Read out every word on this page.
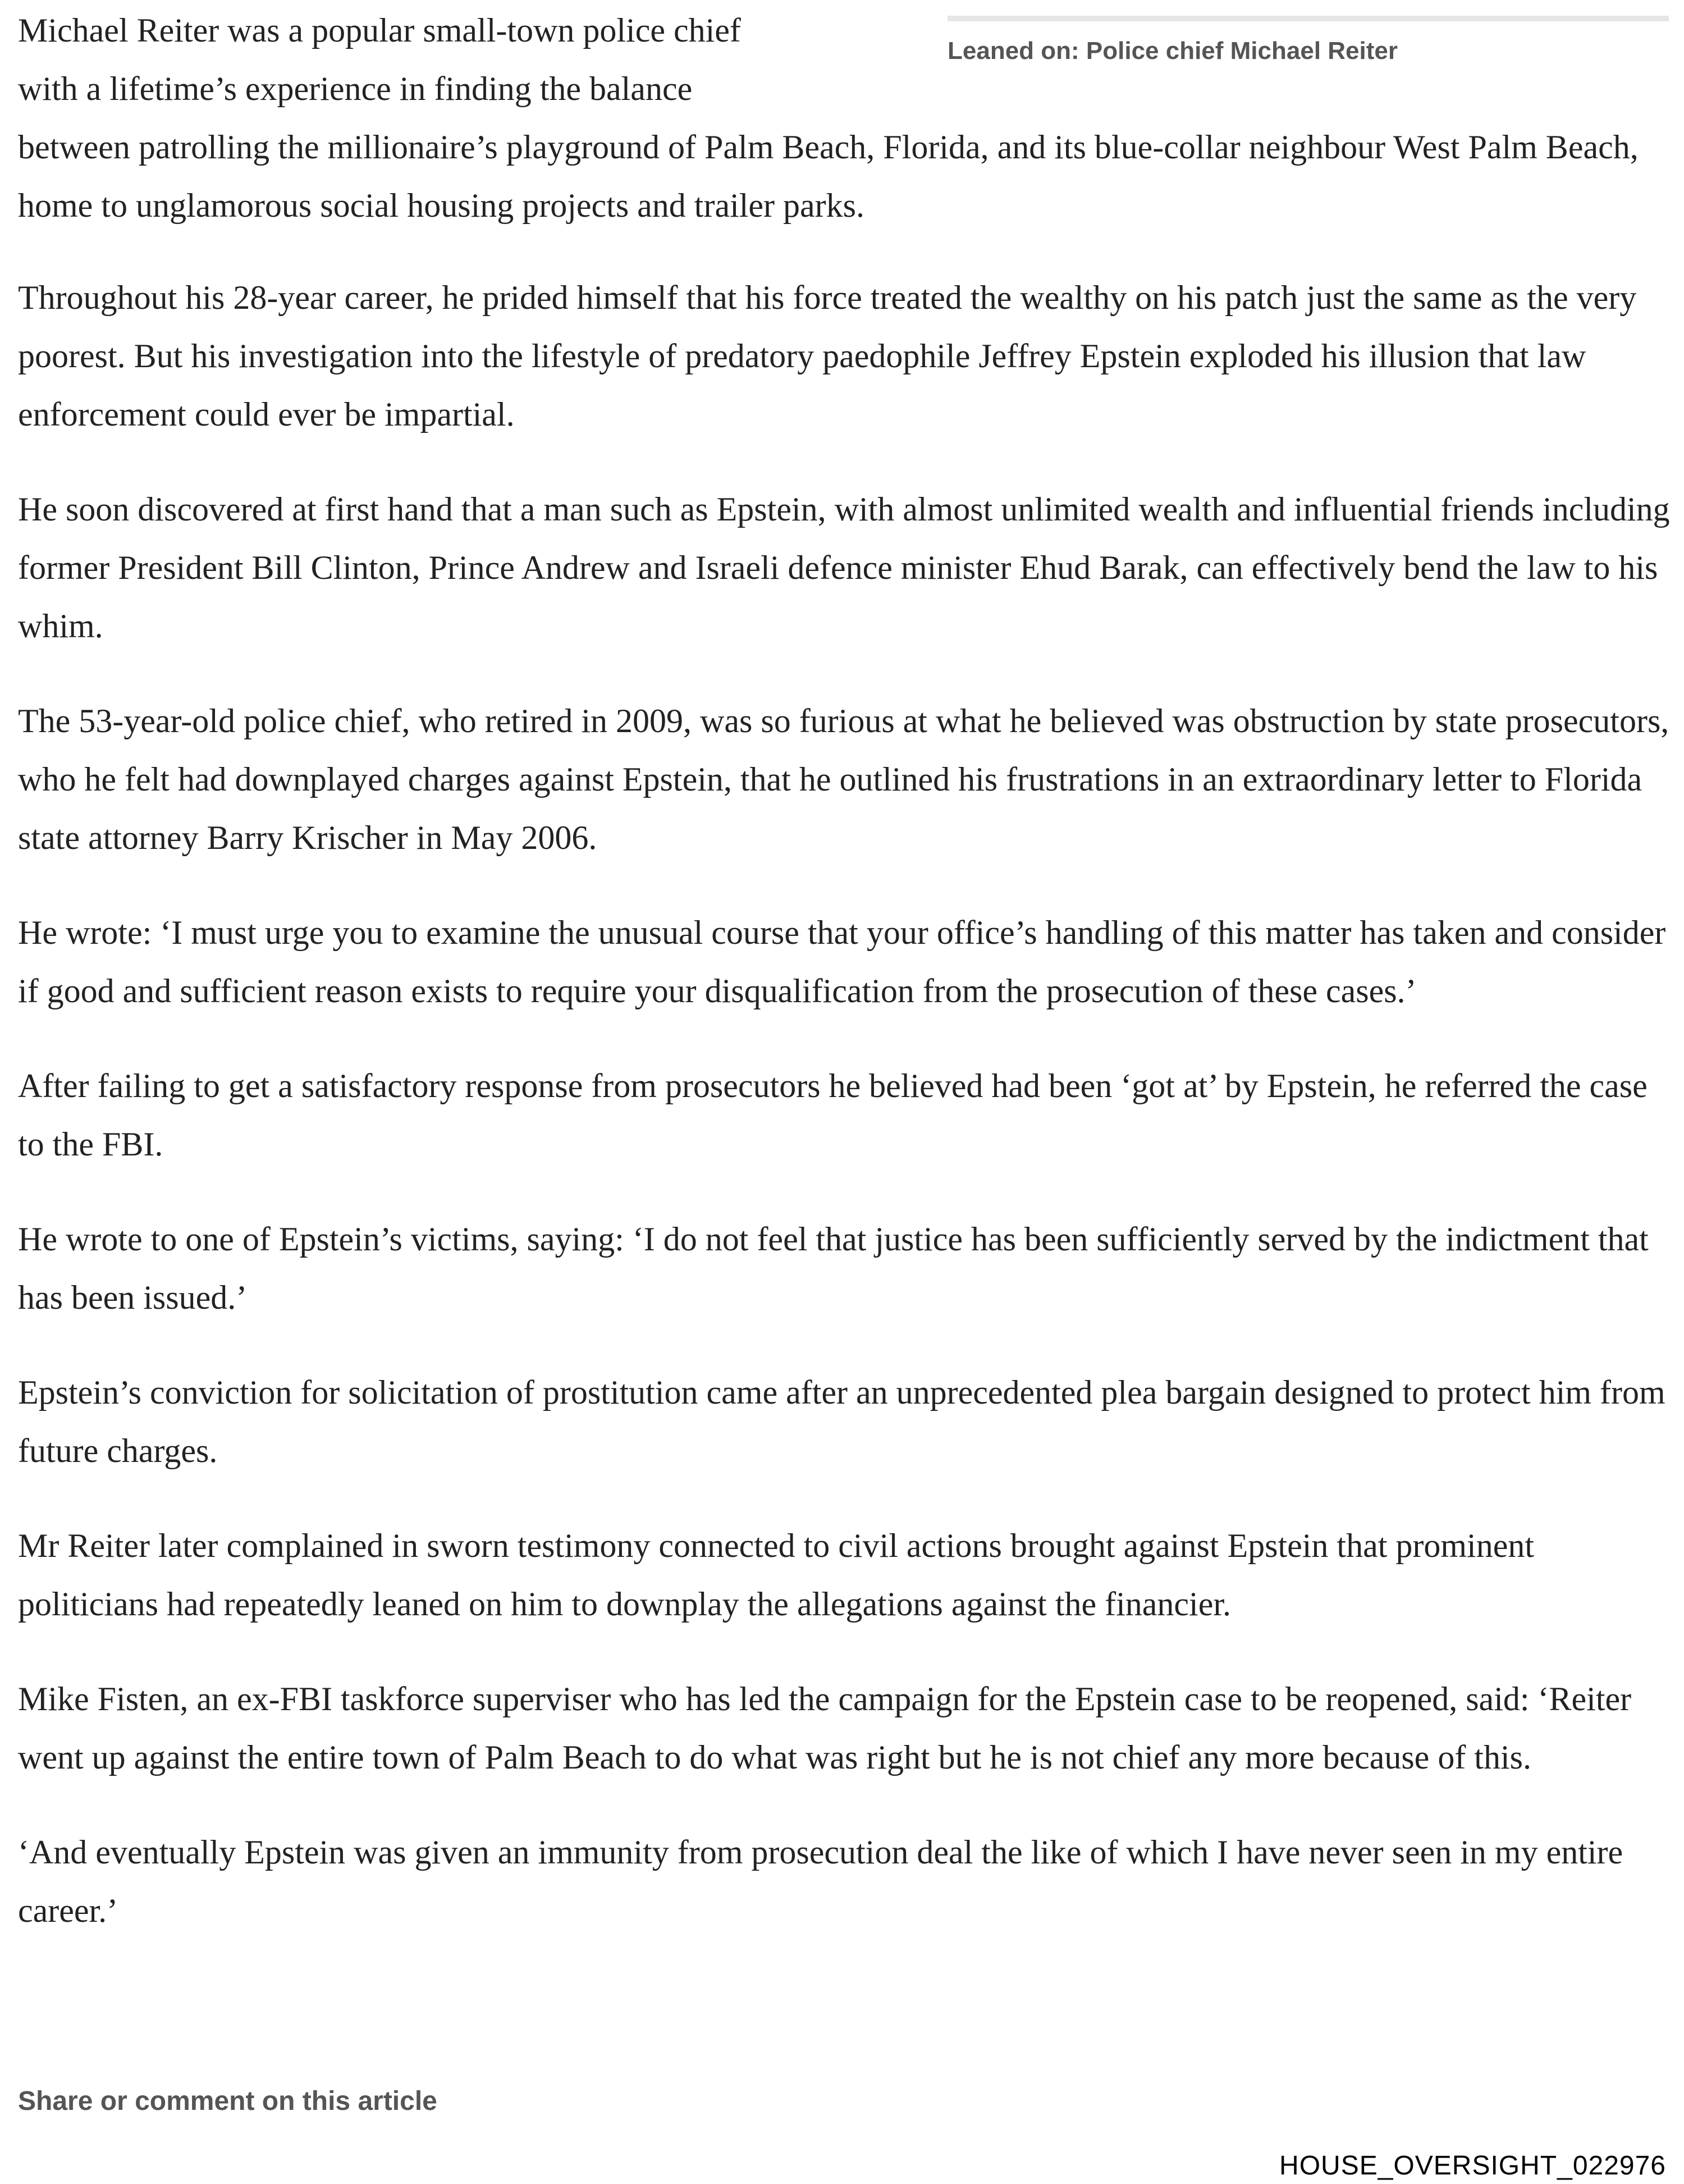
Leaned on: Police chief Michael Reiter
Michael Reiter was a popular small-town police chief
with a lifetime’s experience in finding the balance
between patrolling the millionaire’s playground of Palm Beach, Florida, and its blue-collar neighbour West Palm Beach, home to unglamorous social housing projects and trailer parks.

Throughout his 28-year career, he prided himself that his force treated the wealthy on his patch just the same as the very poorest. But his investigation into the lifestyle of predatory paedophile Jeffrey Epstein exploded his illusion that law enforcement could ever be impartial.

He soon discovered at first hand that a man such as Epstein, with almost unlimited wealth and influential friends including former President Bill Clinton, Prince Andrew and Israeli defence minister Ehud Barak, can effectively bend the law to his whim.

The 53-year-old police chief, who retired in 2009, was so furious at what he believed was obstruction by state prosecutors, who he felt had downplayed charges against Epstein, that he outlined his frustrations in an extraordinary letter to Florida state attorney Barry Krischer in May 2006.

He wrote: ‘I must urge you to examine the unusual course that your office’s handling of this matter has taken and consider if good and sufficient reason exists to require your disqualification from the prosecution of these cases.’

After failing to get a satisfactory response from prosecutors he believed had been ‘got at’ by Epstein, he referred the case to the FBI.

He wrote to one of Epstein’s victims, saying: ‘I do not feel that justice has been sufficiently served by the indictment that has been issued.’

Epstein’s conviction for solicitation of prostitution came after an unprecedented plea bargain designed to protect him from future charges.

Mr Reiter later complained in sworn testimony connected to civil actions brought against Epstein that prominent politicians had repeatedly leaned on him to downplay the allegations against the financier.

Mike Fisten, an ex-FBI taskforce superviser who has led the campaign for the Epstein case to be reopened, said: ‘Reiter went up against the entire town of Palm Beach to do what was right but he is not chief any more because of this.

‘And eventually Epstein was given an immunity from prosecution deal the like of which I have never seen in my entire career.’

Share or comment on this article
HOUSE_OVERSIGHT_022976
